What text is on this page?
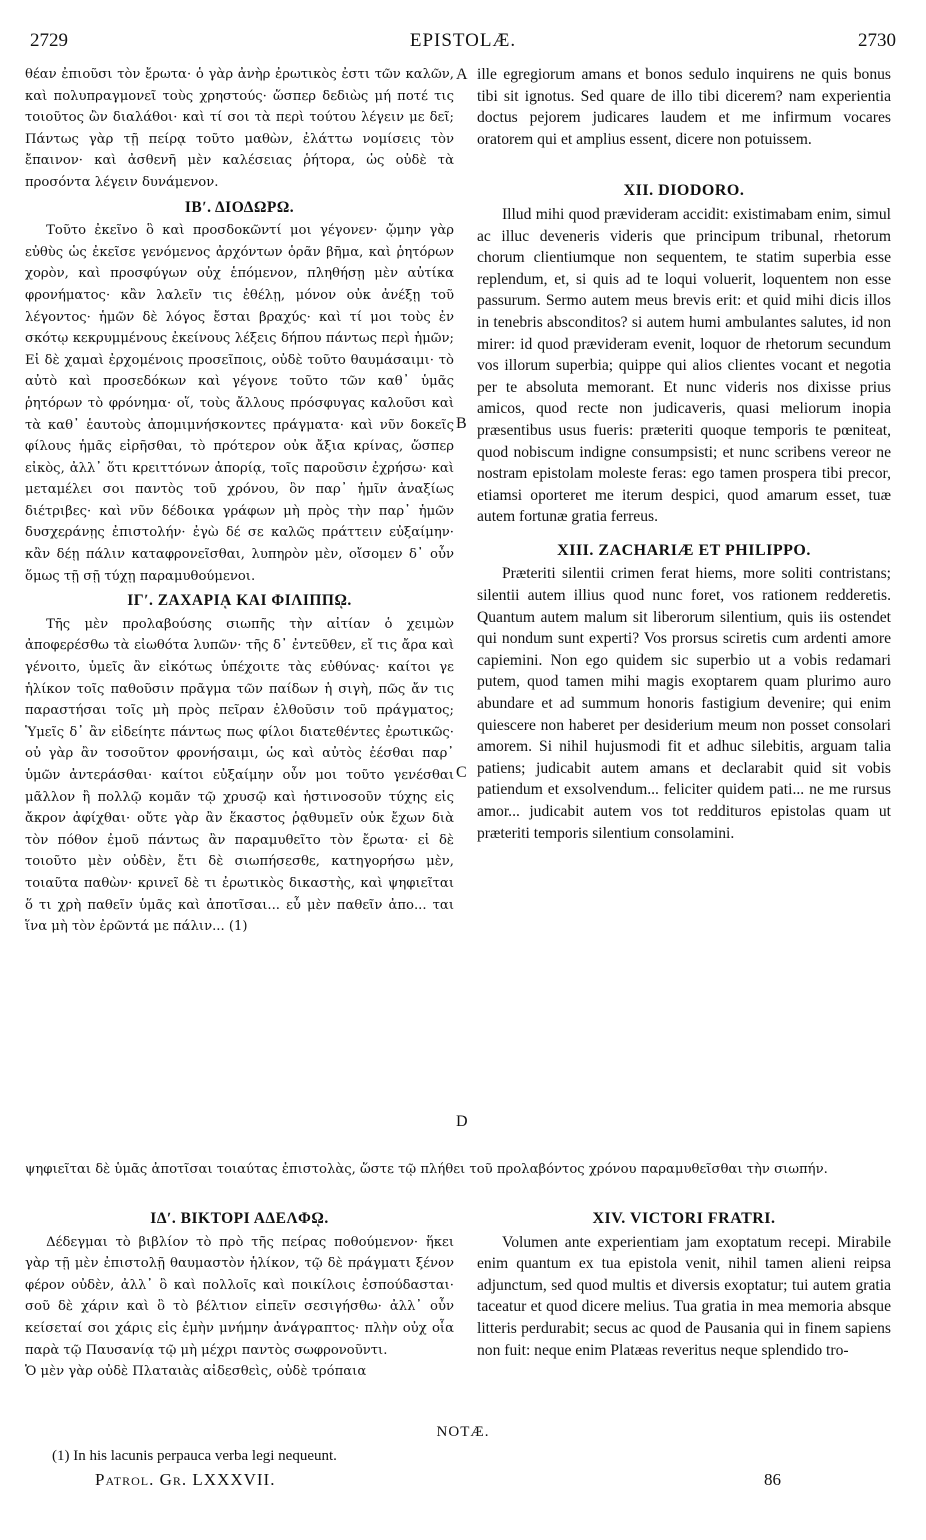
2729	EPISTOLÆ.	2730

θέαν ἐπιοῦσι τὸν ἔρωτα· ὁ γὰρ ἀνὴρ ἐρωτικὸς ἐστι τῶν καλῶν, καὶ πολυπραγμονεῖ τοὺς χρηστούς· ὥσπερ δεδιὼς μή ποτέ τις τοιοῦτος ὢν διαλάθοι· καὶ τί σοι τὰ περὶ τούτου λέγειν με δεῖ; Πάντως γὰρ τῇ πείρᾳ τοῦτο μαθὼν, ἐλάττω νομίσεις τὸν ἔπαινον· καὶ ἀσθενῆ μὲν καλέσειας ῥήτορα, ὡς οὐδὲ τὰ προσόντα λέγειν δυνάμενον.

ΙΒʹ. ΔΙΟΔΩΡΩ.

Τοῦτο ἐκεῖνο ὃ καὶ προσδοκῶντί μοι γέγονεν· ᾤμην γὰρ εὐθὺς ὡς ἐκεῖσε γενόμενος ἀρχόντων ὁρᾶν βῆμα, καὶ ῥητόρων χορὸν, καὶ προσφύγων οὐχ ἑπόμενον, πληθήσῃ μὲν αὐτίκα φρονήματος· κἂν λαλεῖν τις ἐθέλῃ, μόνον οὐκ ἀνέξῃ τοῦ λέγοντος· ἡμῶν δὲ λόγος ἔσται βραχύς· καὶ τί μοι τοὺς ἐν σκότῳ κεκρυμμένους ἐκείνους λέξεις δήπου πάντως περὶ ἡμῶν; Εἰ δὲ χαμαὶ ἐρχομένοις προσεῖποις, οὐδὲ τοῦτο θαυμάσαιμι· τὸ αὐτὸ καὶ προσεδόκων καὶ γέγονε τοῦτο τῶν καθ᾽ ὑμᾶς ῥητόρων τὸ φρόνημα· οἵ, τοὺς ἄλλους πρόσφυγας καλοῦσι καὶ τὰ καθ᾽ ἑαυτοὺς ἀπομιμνήσκοντες πράγματα· καὶ νῦν δοκεῖς φίλους ἡμᾶς εἰρῆσθαι, τὸ πρότερον οὐκ ἄξια κρίνας, ὥσπερ εἰκὸς, ἀλλ᾽ ὅτι κρειττόνων ἀπορίᾳ, τοῖς παροῦσιν ἐχρήσω· καὶ μεταμέλει σοι παντὸς τοῦ χρόνου, ὃν παρ᾽ ἡμῖν ἀναξίως διέτριβες· καὶ νῦν δέδοικα γράφων μὴ πρὸς τὴν παρ᾽ ἡμῶν δυσχεράνῃς ἐπιστολήν· ἐγὼ δέ σε καλῶς πράττειν εὐξαίμην· κἂν δέῃ πάλιν καταφρονεῖσθαι, λυπηρὸν μὲν, οἴσομεν δ᾽ οὖν ὅμως τῇ σῇ τύχῃ παραμυθούμενοι.

ΙΓʹ. ΖΑΧΑΡΙᾼ ΚΑΙ ΦΙΛΙΠΠῼ.

Τῆς μὲν προλαβούσης σιωπῆς τὴν αἰτίαν ὁ χειμὼν ἀποφερέσθω τὰ εἰωθότα λυπῶν· τῆς δ᾽ ἐντεῦθεν, εἴ τις ἄρα καὶ γένοιτο, ὑμεῖς ἂν εἰκότως ὑπέχοιτε τὰς εὐθύνας· καίτοι γε ἡλίκον τοῖς παθοῦσιν πρᾶγμα τῶν παίδων ἡ σιγὴ, πῶς ἄν τις παραστήσαι τοῖς μὴ πρὸς πεῖραν ἐλθοῦσιν τοῦ πράγματος; Ὑμεῖς δ᾽ ἂν εἰδείητε πάντως πως φίλοι διατεθέντες ἐρωτικῶς· οὐ γὰρ ἂν τοσοῦτον φρονήσαιμι, ὡς καὶ αὐτὸς ἐέσθαι παρ᾽ ὑμῶν ἀντεράσθαι· καίτοι εὐξαίμην οὖν μοι τοῦτο γενέσθαι μᾶλλον ἢ πολλῷ κομᾶν τῷ χρυσῷ καὶ ἡστινοσοῦν τύχης εἰς ἄκρον ἀφίχθαι· οὔτε γὰρ ἂν ἕκαστος ῥᾳθυμεῖν οὐκ ἔχων διὰ τὸν πόθον ἐμοῦ πάντως ἂν παραμυθεῖτο τὸν ἔρωτα· εἰ δὲ τοιοῦτο μὲν οὐδὲν, ἔτι δὲ σιωπήσεσθε, κατηγορήσω μὲν, τοιαῦτα παθὼν· κρινεῖ δὲ τι ἐρωτικὸς δικαστὴς, καὶ ψηφιεῖται ὅ τι χρὴ παθεῖν ὑμᾶς καὶ ἀποτῖσαι... εὖ μὲν παθεῖν ἀπο... ται ἵνα μὴ τὸν ἐρῶντά με πάλιν... (1)

ille egregiorum amans et bonos sedulo inquirens ne quis bonus tibi sit ignotus. Sed quare de illo tibi dicerem? nam experientia doctus pejorem judicares laudem et me infirmum vocares oratorem qui et amplius essent, dicere non potuissem.

XII. DIODORO.

Illud mihi quod prævideram accidit: existimabam enim, simul ac illuc deveneris videris que principum tribunal, rhetorum chorum clientiumque non sequentem, te statim superbia esse replendum, et, si quis ad te loqui voluerit, loquentem non esse passurum. Sermo autem meus brevis erit: et quid mihi dicis illos in tenebris absconditos? si autem humi ambulantes salutes, id non mirer: id quod prævideram evenit, loquor de rhetorum secundum vos illorum superbia; quippe qui alios clientes vocant et negotia per te absoluta memorant. Et nunc videris nos dixisse prius amicos, quod recte non judicaveris, quasi meliorum inopia præsentibus usus fueris: præteriti quoque temporis te pœniteat, quod nobiscum indigne consumpsisti; et nunc scribens vereor ne nostram epistolam moleste feras: ego tamen prospera tibi precor, etiamsi oporteret me iterum despici, quod amarum esset, tuæ autem fortunæ gratia ferreus.

XIII. ZACHARIÆ ET PHILIPPO.

Præteriti silentii crimen ferat hiems, more soliti contristans; silentii autem illius quod nunc foret, vos rationem redderetis. Quantum autem malum sit liberorum silentium, quis iis ostendet qui nondum sunt experti? Vos prorsus sciretis cum ardenti amore capiemini. Non ego quidem sic superbio ut a vobis redamari putem, quod tamen mihi magis exoptarem quam plurimo auro abundare et ad summum honoris fastigium devenire; qui enim quiescere non haberet per desiderium meum non posset consolari amorem. Si nihil hujusmodi fit et adhuc silebitis, arguam talia patiens; judicabit autem amans et declarabit quid sit vobis patiendum et exsolvendum... feliciter quidem pati... ne me rursus amor... judicabit autem vos tot reddituros epistolas quam ut præteriti temporis silentium consolamini.

ψηφιεῖται δὲ ὑμᾶς ἀποτῖσαι τοιαύτας ἐπιστολὰς, ὥστε τῷ πλήθει τοῦ προλαβόντος χρόνου παραμυθεῖσθαι τὴν σιωπήν.
ΙΔʹ. ΒΙΚΤΟΡΙ ΑΔΕΛΦῼ.

Δέδεγμαι τὸ βιβλίον τὸ πρὸ τῆς πείρας ποθούμενον· ἥκει γὰρ τῇ μὲν ἐπιστολῇ θαυμαστὸν ἡλίκον, τῷ δὲ πράγματι ξένον φέρον οὐδὲν, ἀλλ᾽ ὃ καὶ πολλοῖς καὶ ποικίλοις ἐσπούδασται· σοῦ δὲ χάριν καὶ ὃ τὸ βέλτιον εἰπεῖν σεσιγήσθω· ἀλλ᾽ οὖν κείσεταί σοι χάρις εἰς ἐμὴν μνήμην ἀνάγραπτος· πλὴν οὐχ οἷα παρὰ τῷ Παυσανίᾳ τῷ μὴ μέχρι παντὸς σωφρονοῦντι.

Ὁ μὲν γὰρ οὐδὲ Πλαταιὰς αἰδεσθεὶς, οὐδὲ τρόπαια

XIV. VICTORI FRATRI.

Volumen ante experientiam jam exoptatum recepi. Mirabile enim quantum ex tua epistola venit, nihil tamen alieni reipsa adjunctum, sed quod multis et diversis exoptatur; tui autem gratia taceatur et quod dicere melius. Tua gratia in mea memoria absque litteris perdurabit; secus ac quod de Pausania qui in finem sapiens non fuit: neque enim Platæas reveritus neque splendido tro-

A
B
C
D
NOTÆ.
(1) In his lacunis perpauca verba legi nequeunt.
Patrol. Gr. LXXXVII.	86
